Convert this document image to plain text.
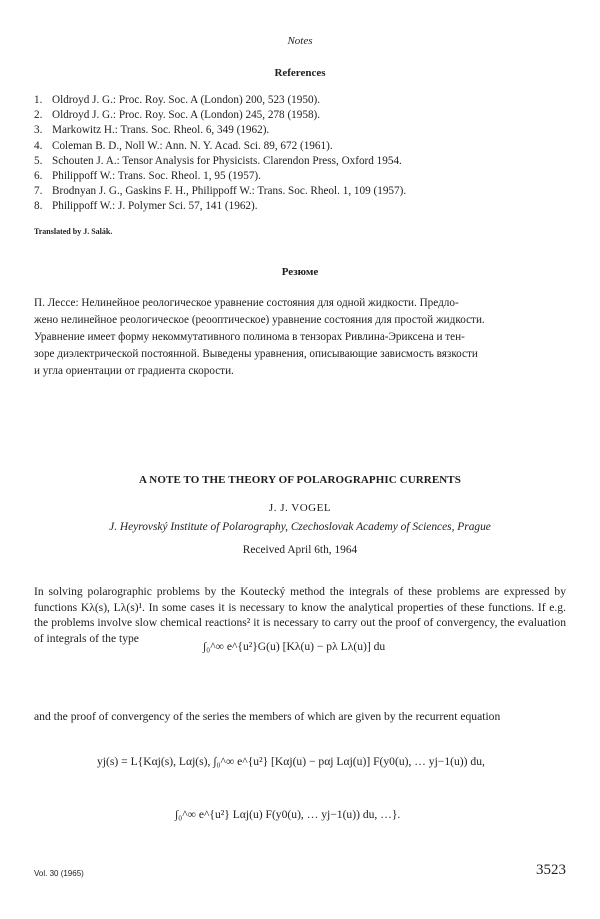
Notes
References
1. Oldroyd J. G.: Proc. Roy. Soc. A (London) 200, 523 (1950).
2. Oldroyd J. G.: Proc. Roy. Soc. A (London) 245, 278 (1958).
3. Markowitz H.: Trans. Soc. Rheol. 6, 349 (1962).
4. Coleman B. D., Noll W.: Ann. N. Y. Acad. Sci. 89, 672 (1961).
5. Schouten J. A.: Tensor Analysis for Physicists. Clarendon Press, Oxford 1954.
6. Philippoff W.: Trans. Soc. Rheol. 1, 95 (1957).
7. Brodnyan J. G., Gaskins F. H., Philippoff W.: Trans. Soc. Rheol. 1, 109 (1957).
8. Philippoff W.: J. Polymer Sci. 57, 141 (1962).
Translated by J. Salák.
Резюме
П. Лессе: Нелинейное реологическое уравнение состояния для одной жидкости. Предло-
жено нелинейное реологическое (реооптическое) уравнение состояния для простой жидкости.
Уравнение имеет форму некоммутативного полинома в тензорах Ривлина-Эриксена и тен-
зоре диэлектрической постоянной. Выведены уравнения, описывающие зависмость вязкости
и угла ориентации от градиента скорости.
A NOTE TO THE THEORY OF POLAROGRAPHIC CURRENTS
J. J. VOGEL
J. Heyrovský Institute of Polarography, Czechoslovak Academy of Sciences, Prague
Received April 6th, 1964
In solving polarographic problems by the Koutecký method the integrals of these problems are expressed by functions Kλ(s), Lλ(s)¹. In some cases it is necessary to know the analytical properties of these functions. If e.g. the problems involve slow chemical reactions² it is necessary to carry out the proof of convergency, the evaluation of integrals of the type
∫₀^∞ e^{u²}G(u) [Kλ(u) − pλ Lλ(u)] du
and the proof of convergency of the series the members of which are given by the recurrent equation
yj(s) = L{Kαj(s), Lαj(s), ∫₀^∞ e^{u²} [Kαj(u) − pαj Lαj(u)] F(y0(u), … yj−1(u)) du,
∫₀^∞ e^{u²} Lαj(u) F(y0(u), … yj−1(u)) du, …}.
Vol. 30 (1965)	3523
